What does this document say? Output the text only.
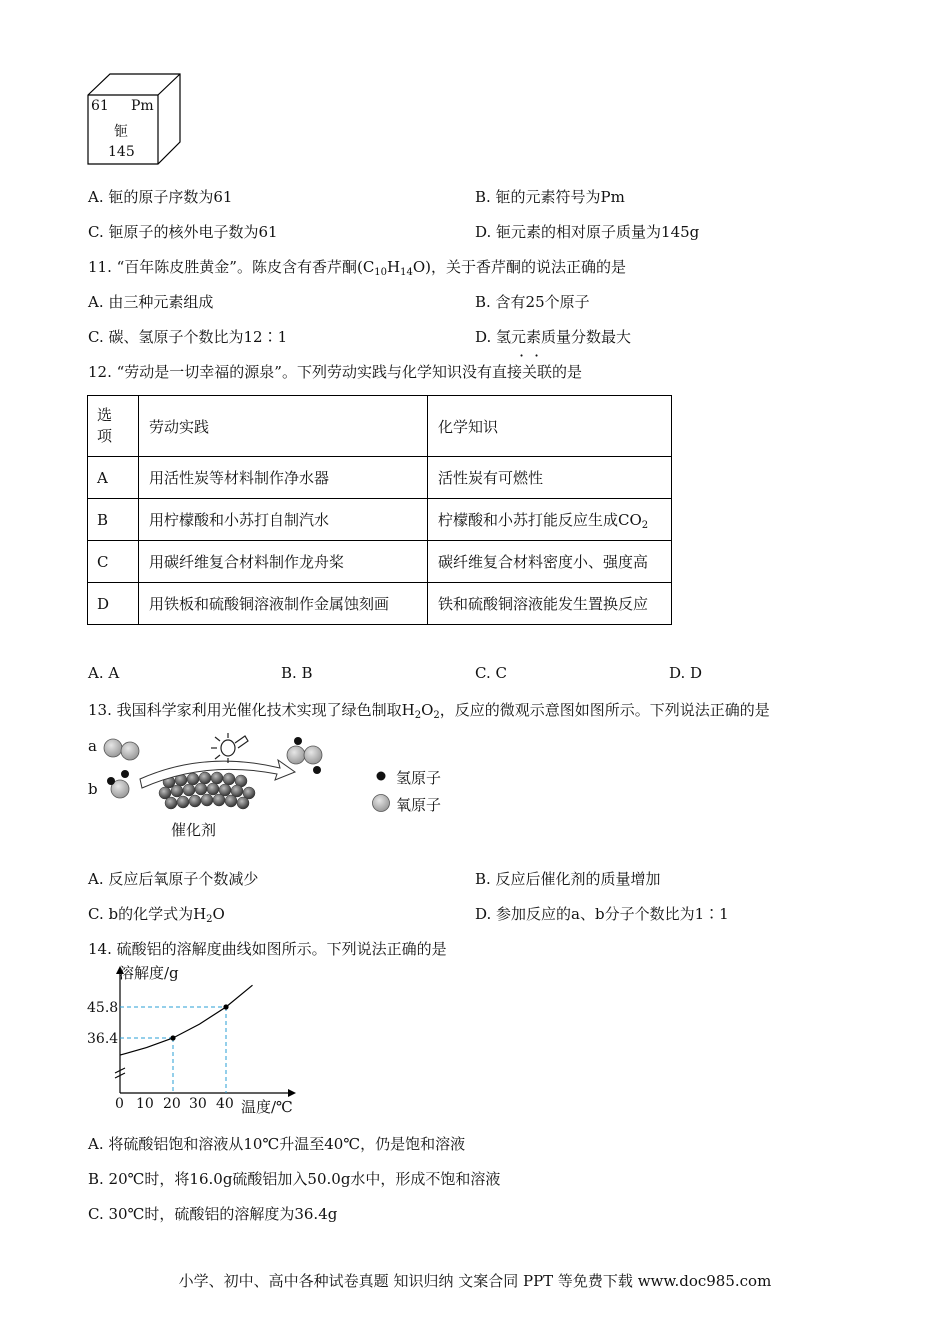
61 Pm
钷
145
A. 钷的原子序数为61	B. 钷的元素符号为Pm
C. 钷原子的核外电子数为61	D. 钷元素的相对原子质量为145g
11. “百年陈皮胜黄金”。陈皮含有香芹酮$(C_{10}H_{14}O)$，关于香芹酮的说法正确的是
A. 由三种元素组成	B. 含有25个原子
C. 碳、氢原子个数比为12∶1	D. 氢元素质量分数最大
· ·
12. “劳动是一切幸福的源泉”。下列劳动实践与化学知识没有直接关联的是
选项	劳动实践	化学知识
A	用活性炭等材料制作净水器	活性炭有可燃性
B	用柠檬酸和小苏打自制汽水	柠檬酸和小苏打能反应生成$CO_2$
C	用碳纤维复合材料制作龙舟桨	碳纤维复合材料密度小、强度高
D	用铁板和硫酸铜溶液制作金属蚀刻画	铁和硫酸铜溶液能发生置换反应
A. A	B. B	C. C	D. D
13. 我国科学家利用光催化技术实现了绿色制取$H_2O_2$，反应的微观示意图如图所示。下列说法正确的是
a
b
催化剂
氢原子
氧原子
A. 反应后氧原子个数减少	B. 反应后催化剂的质量增加
C. b的化学式为$H_2O$	D. 参加反应的a、b分子个数比为1∶1
14. 硫酸铝的溶解度曲线如图所示。下列说法正确的是
溶解度/g
温度/℃
45.8
36.4
0 10 20 30 40
A. 将硫酸铝饱和溶液从10℃升温至40℃，仍是饱和溶液
B. 20℃时，将16.0g硫酸铝加入50.0g水中，形成不饱和溶液
C. 30℃时，硫酸铝的溶解度为36.4g
小学、初中、高中各种试卷真题 知识归纳 文案合同 PPT 等免费下载 www.doc985.com
